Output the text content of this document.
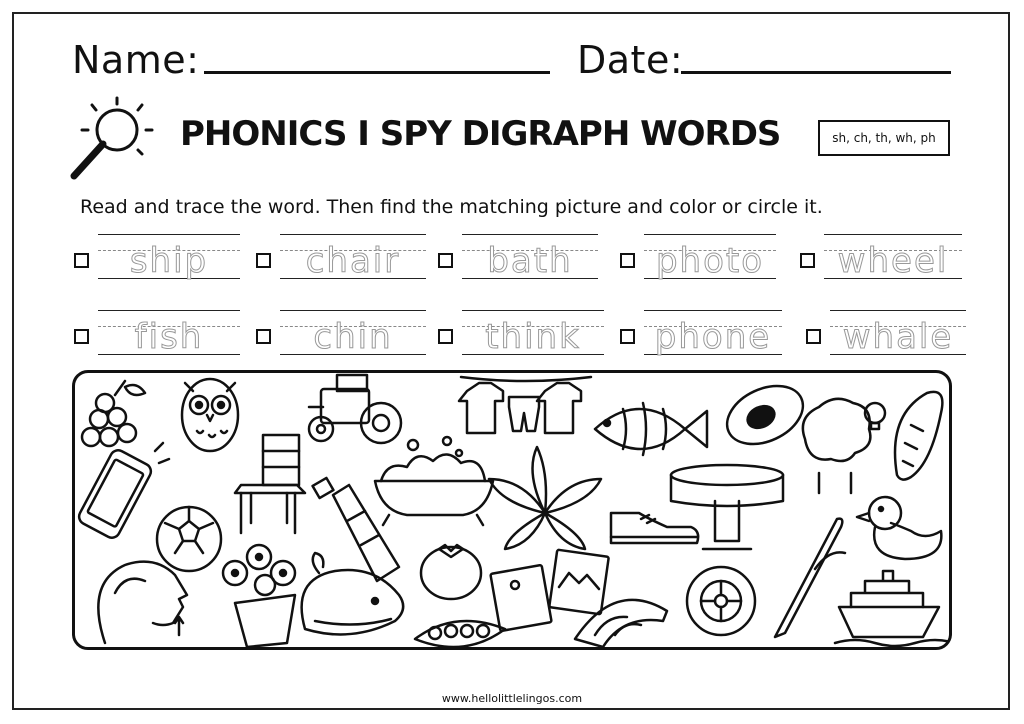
Name:	Date:
PHONICS I SPY DIGRAPH WORDS	sh, ch, th, wh, ph
Read and trace the word. Then find the matching picture and color or circle it.
ship	chair	bath	photo	wheel
fish	chin	think	phone	whale
www.hellolittlelingos.com
